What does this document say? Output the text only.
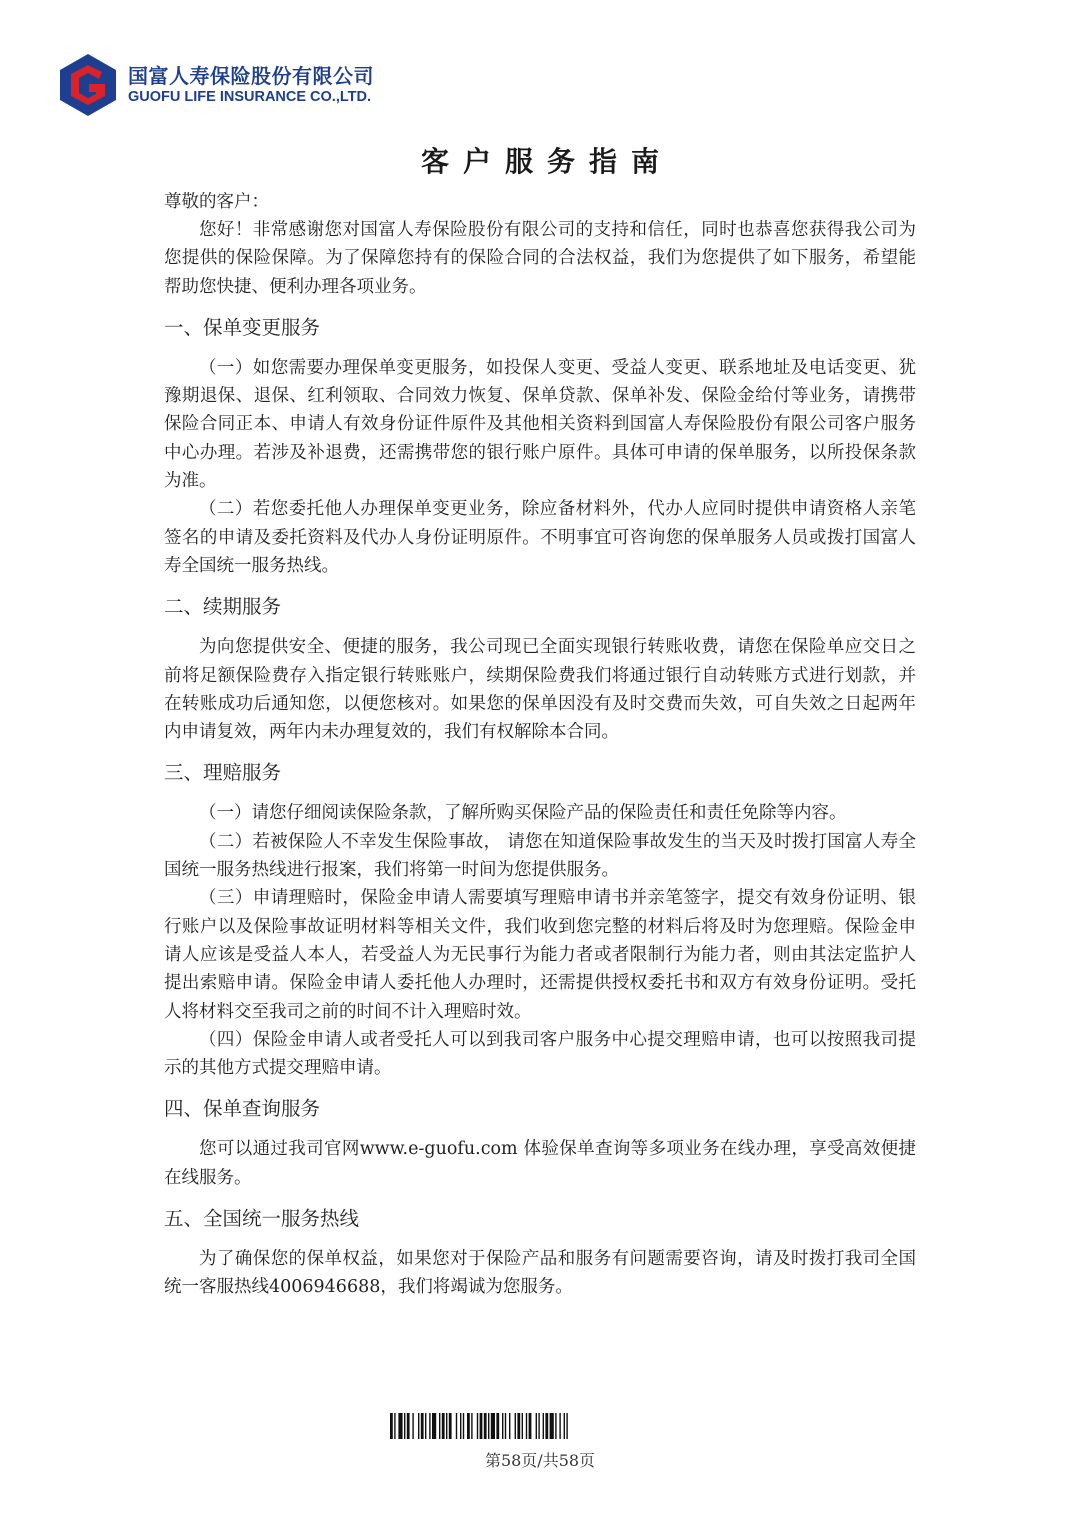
国富人寿保险股份有限公司
GUOFU LIFE INSURANCE CO.,LTD.
客户服务指南

尊敬的客户：

您好！非常感谢您对国富人寿保险股份有限公司的支持和信任，同时也恭喜您获得我公司为您提供的保险保障。为了保障您持有的保险合同的合法权益，我们为您提供了如下服务，希望能帮助您快捷、便利办理各项业务。

一、保单变更服务

（一）如您需要办理保单变更服务，如投保人变更、受益人变更、联系地址及电话变更、犹豫期退保、退保、红利领取、合同效力恢复、保单贷款、保单补发、保险金给付等业务，请携带保险合同正本、申请人有效身份证件原件及其他相关资料到国富人寿保险股份有限公司客户服务中心办理。若涉及补退费，还需携带您的银行账户原件。具体可申请的保单服务，以所投保条款为准。

（二）若您委托他人办理保单变更业务，除应备材料外，代办人应同时提供申请资格人亲笔签名的申请及委托资料及代办人身份证明原件。不明事宜可咨询您的保单服务人员或拨打国富人寿全国统一服务热线。

二、续期服务

为向您提供安全、便捷的服务，我公司现已全面实现银行转账收费，请您在保险单应交日之前将足额保险费存入指定银行转账账户，续期保险费我们将通过银行自动转账方式进行划款，并在转账成功后通知您，以便您核对。如果您的保单因没有及时交费而失效，可自失效之日起两年内申请复效，两年内未办理复效的，我们有权解除本合同。

三、理赔服务

（一）请您仔细阅读保险条款，了解所购买保险产品的保险责任和责任免除等内容。

（二）若被保险人不幸发生保险事故， 请您在知道保险事故发生的当天及时拨打国富人寿全国统一服务热线进行报案，我们将第一时间为您提供服务。

（三）申请理赔时，保险金申请人需要填写理赔申请书并亲笔签字，提交有效身份证明、银行账户以及保险事故证明材料等相关文件，我们收到您完整的材料后将及时为您理赔。保险金申请人应该是受益人本人，若受益人为无民事行为能力者或者限制行为能力者，则由其法定监护人提出索赔申请。保险金申请人委托他人办理时，还需提供授权委托书和双方有效身份证明。受托人将材料交至我司之前的时间不计入理赔时效。

（四）保险金申请人或者受托人可以到我司客户服务中心提交理赔申请，也可以按照我司提示的其他方式提交理赔申请。

四、保单查询服务

您可以通过我司官网www.e-guofu.com 体验保单查询等多项业务在线办理，享受高效便捷在线服务。

五、全国统一服务热线

为了确保您的保单权益，如果您对于保险产品和服务有问题需要咨询，请及时拨打我司全国统一客服热线4006946688，我们将竭诚为您服务。

第58页/共58页
